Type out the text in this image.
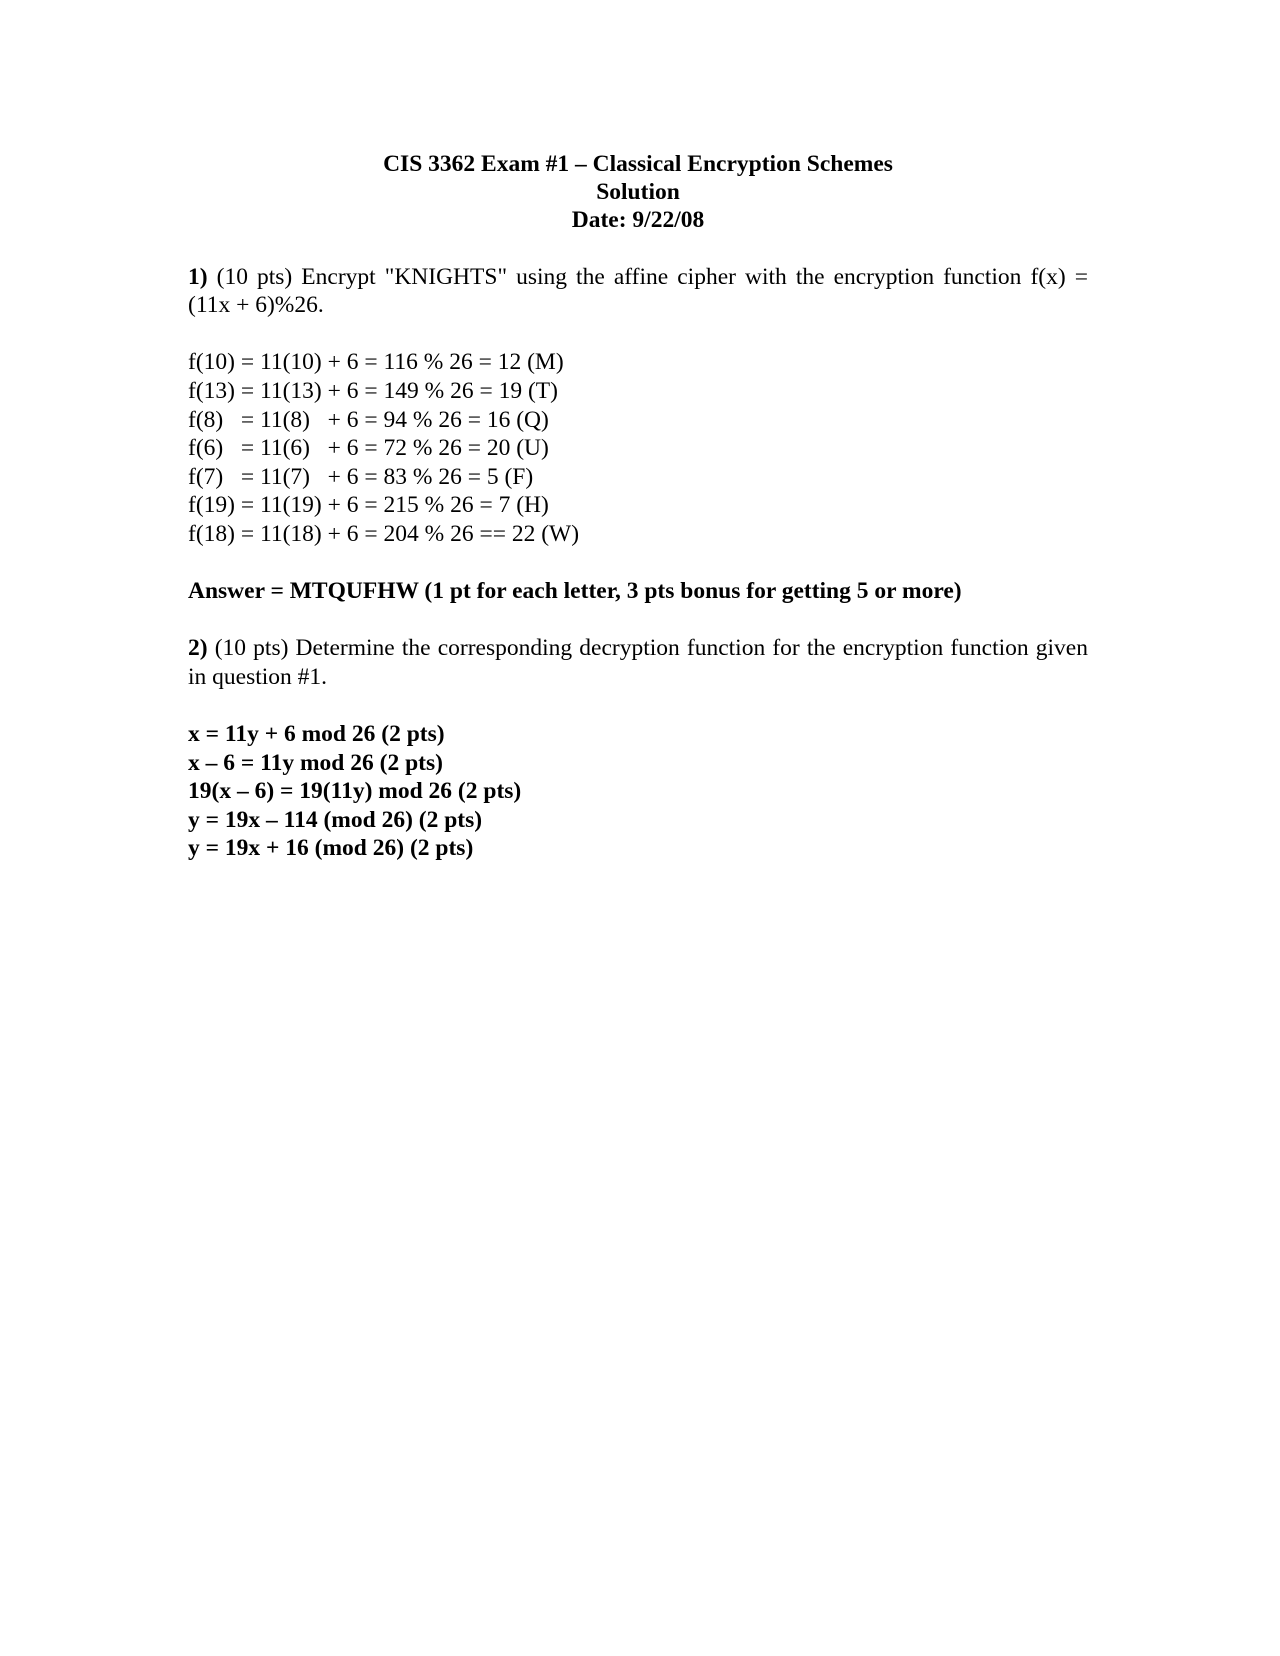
CIS 3362 Exam #1 – Classical Encryption Schemes
Solution
Date: 9/22/08

1) (10 pts) Encrypt "KNIGHTS" using the affine cipher with the encryption function f(x) = (11x + 6)%26.

f(10) = 11(10) + 6 = 116 % 26 = 12 (M)
f(13) = 11(13) + 6 = 149 % 26 = 19 (T)
f(8)   = 11(8)   + 6 = 94 % 26 = 16 (Q)
f(6)   = 11(6)   + 6 = 72 % 26 = 20 (U)
f(7)   = 11(7)   + 6 = 83 % 26 = 5 (F)
f(19) = 11(19) + 6 = 215 % 26 = 7 (H)
f(18) = 11(18) + 6 = 204 % 26 == 22 (W)

Answer = MTQUFHW (1 pt for each letter, 3 pts bonus for getting 5 or more)

2) (10 pts) Determine the corresponding decryption function for the encryption function given in question #1.

x = 11y + 6 mod 26 (2 pts)
x – 6 = 11y mod 26 (2 pts)
19(x – 6) = 19(11y) mod 26 (2 pts)
y = 19x – 114 (mod 26) (2 pts)
y = 19x + 16 (mod 26) (2 pts)
